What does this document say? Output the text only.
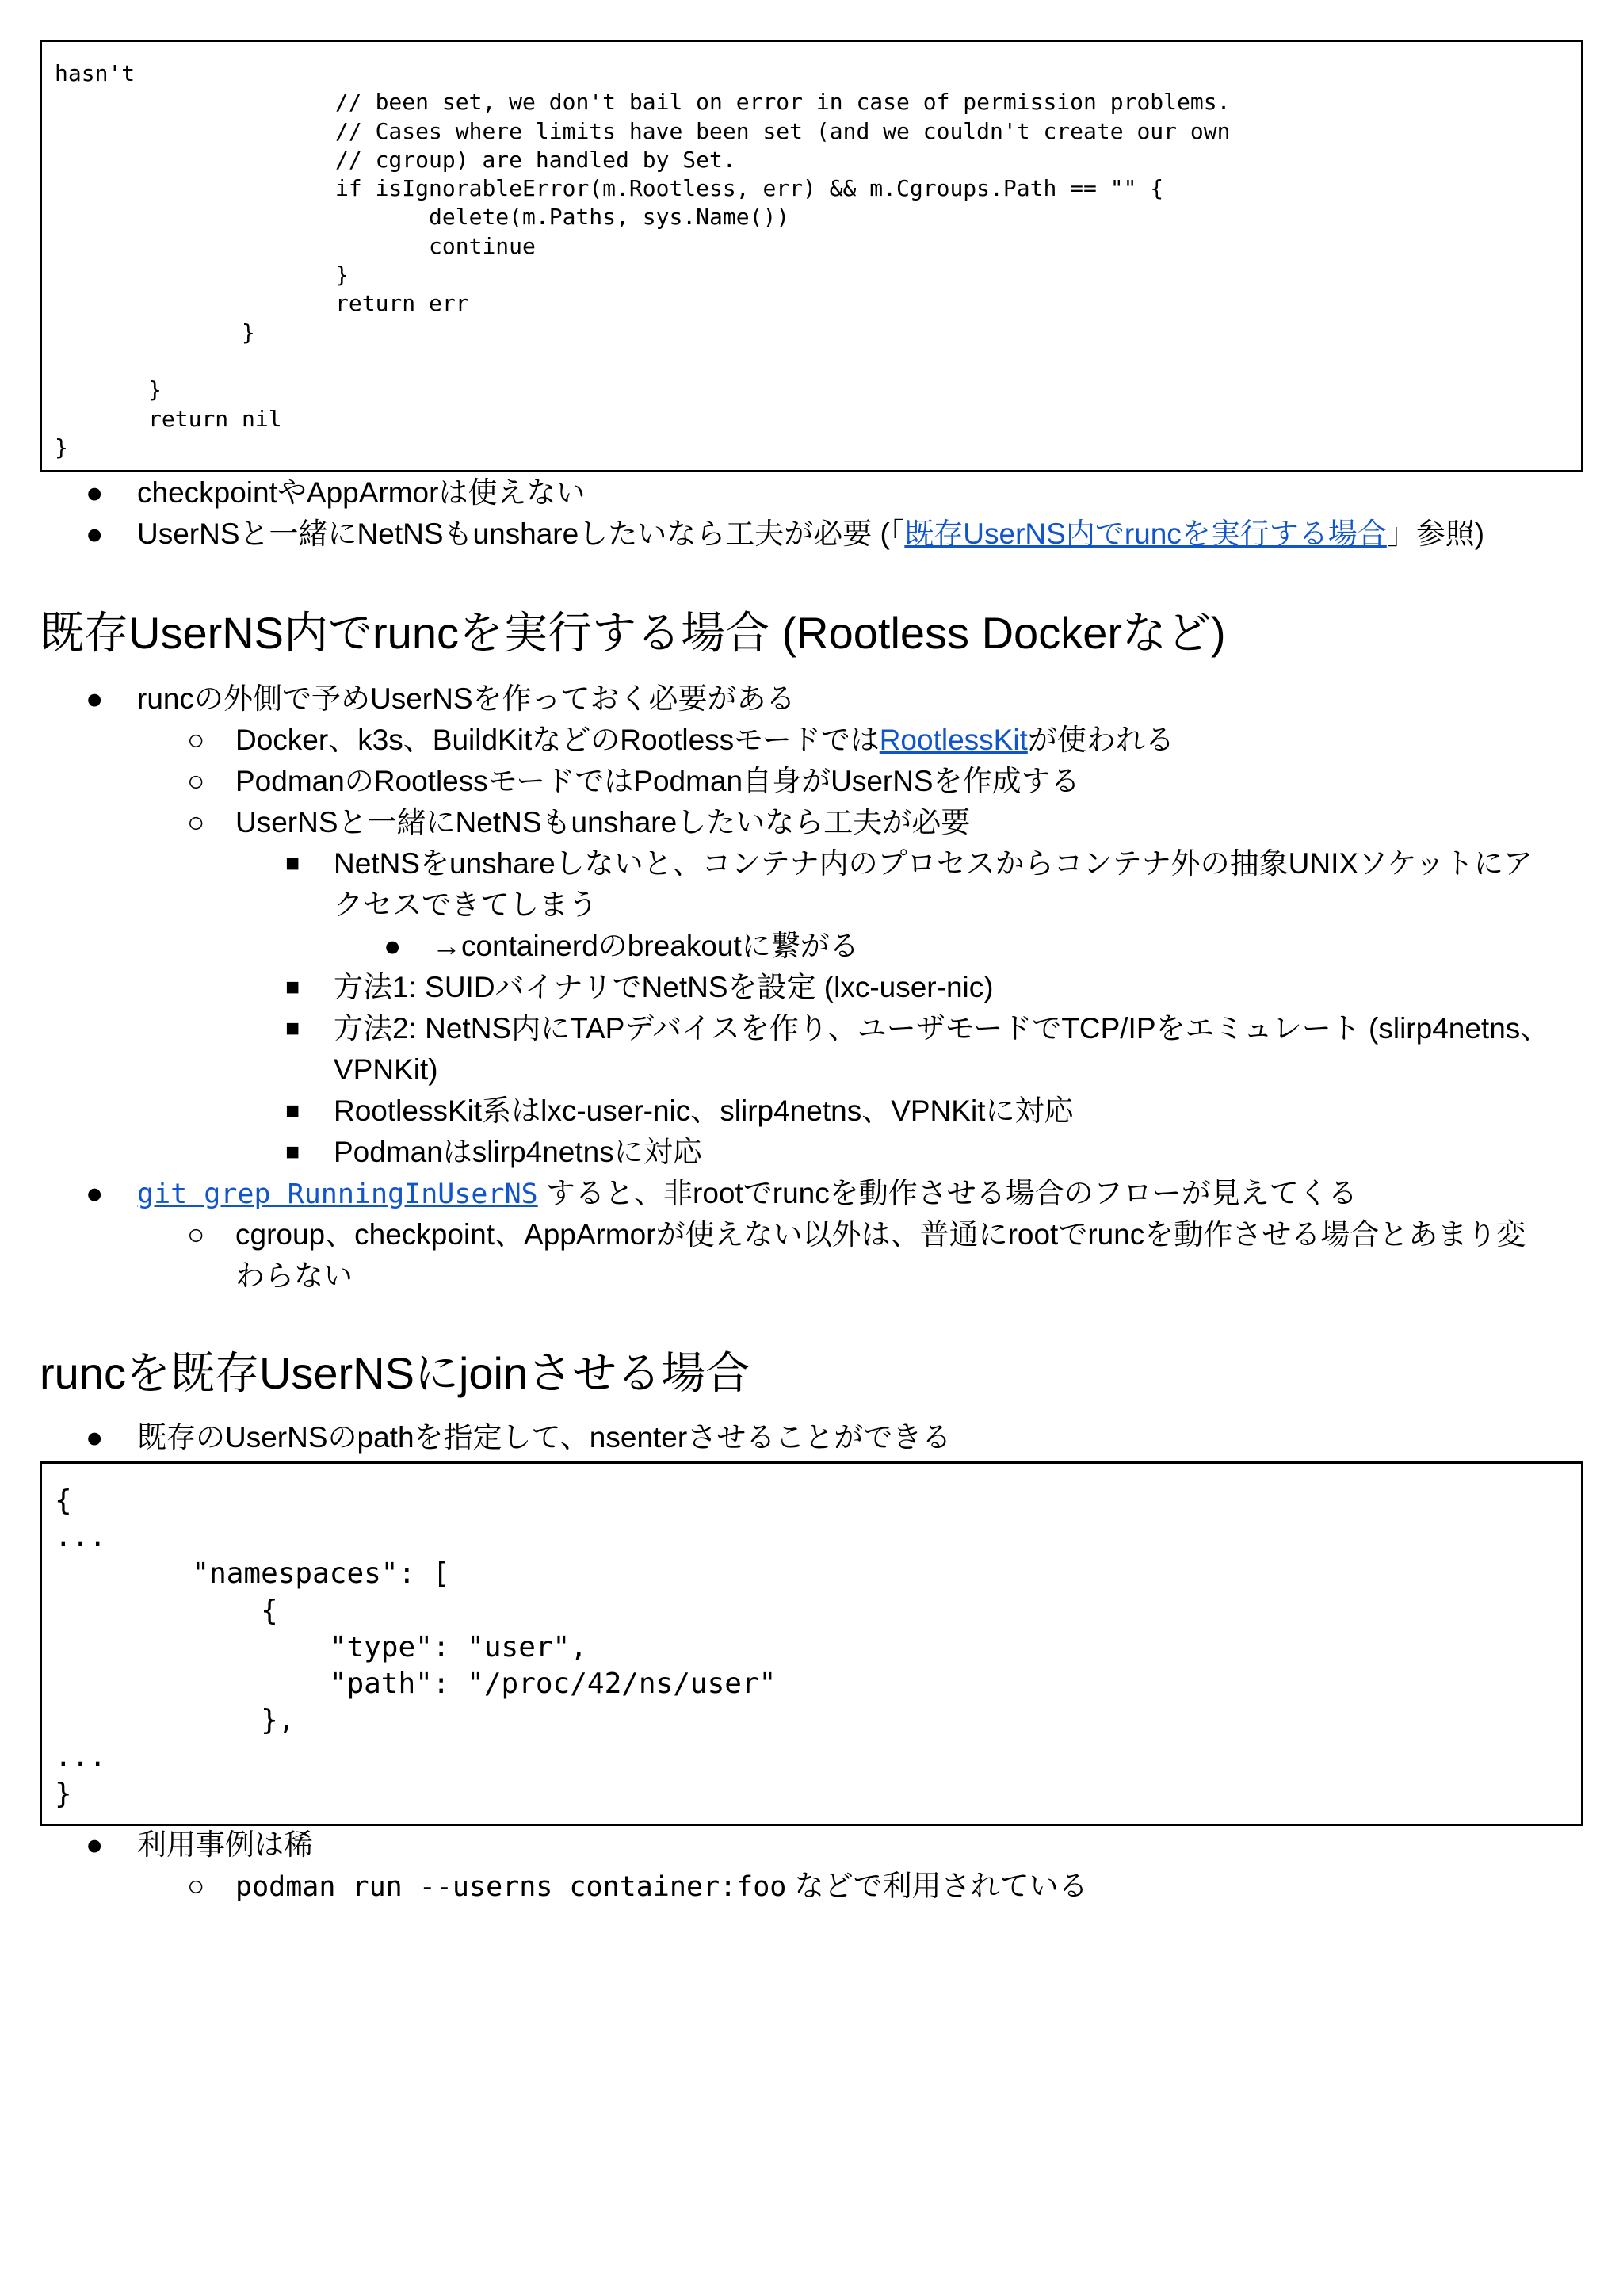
hasn't
// been set, we don't bail on error in case of permission problems.
// Cases where limits have been set (and we couldn't create our own
// cgroup) are handled by Set.
if isIgnorableError(m.Rootless, err) && m.Cgroups.Path == "" {
delete(m.Paths, sys.Name())
continue
}
return err
}

}
return nil
}
● checkpointやAppArmorは使えない
● UserNSと一緒にNetNSもunshareしたいなら工夫が必要 (「既存UserNS内でruncを実行する場合」参照)
既存UserNS内でruncを実行する場合 (Rootless Dockerなど)
● runcの外側で予めUserNSを作っておく必要がある
○ Docker、k3s、BuildKitなどのRootlessモードではRootlessKitが使われる
○ PodmanのRootlessモードではPodman自身がUserNSを作成する
○ UserNSと一緒にNetNSもunshareしたいなら工夫が必要
■ NetNSをunshareしないと、コンテナ内のプロセスからコンテナ外の抽象UNIXソケットにア
クセスできてしまう
● →containerdのbreakoutに繋がる
■ 方法1: SUIDバイナリでNetNSを設定 (lxc-user-nic)
■ 方法2: NetNS内にTAPデバイスを作り、ユーザモードでTCP/IPをエミュレート (slirp4netns、
VPNKit)
■ RootlessKit系はlxc-user-nic、slirp4netns、VPNKitに対応
■ Podmanはslirp4netnsに対応
● git grep RunningInUserNS すると、非rootでruncを動作させる場合のフローが見えてくる
○ cgroup、checkpoint、AppArmorが使えない以外は、普通にrootでruncを動作させる場合とあまり変
わらない
runcを既存UserNSにjoinさせる場合
● 既存のUserNSのpathを指定して、nsenterさせることができる
{
...
"namespaces": [
{
"type": "user",
"path": "/proc/42/ns/user"
},
...
}
● 利用事例は稀
○ podman run --userns container:foo などで利用されている
